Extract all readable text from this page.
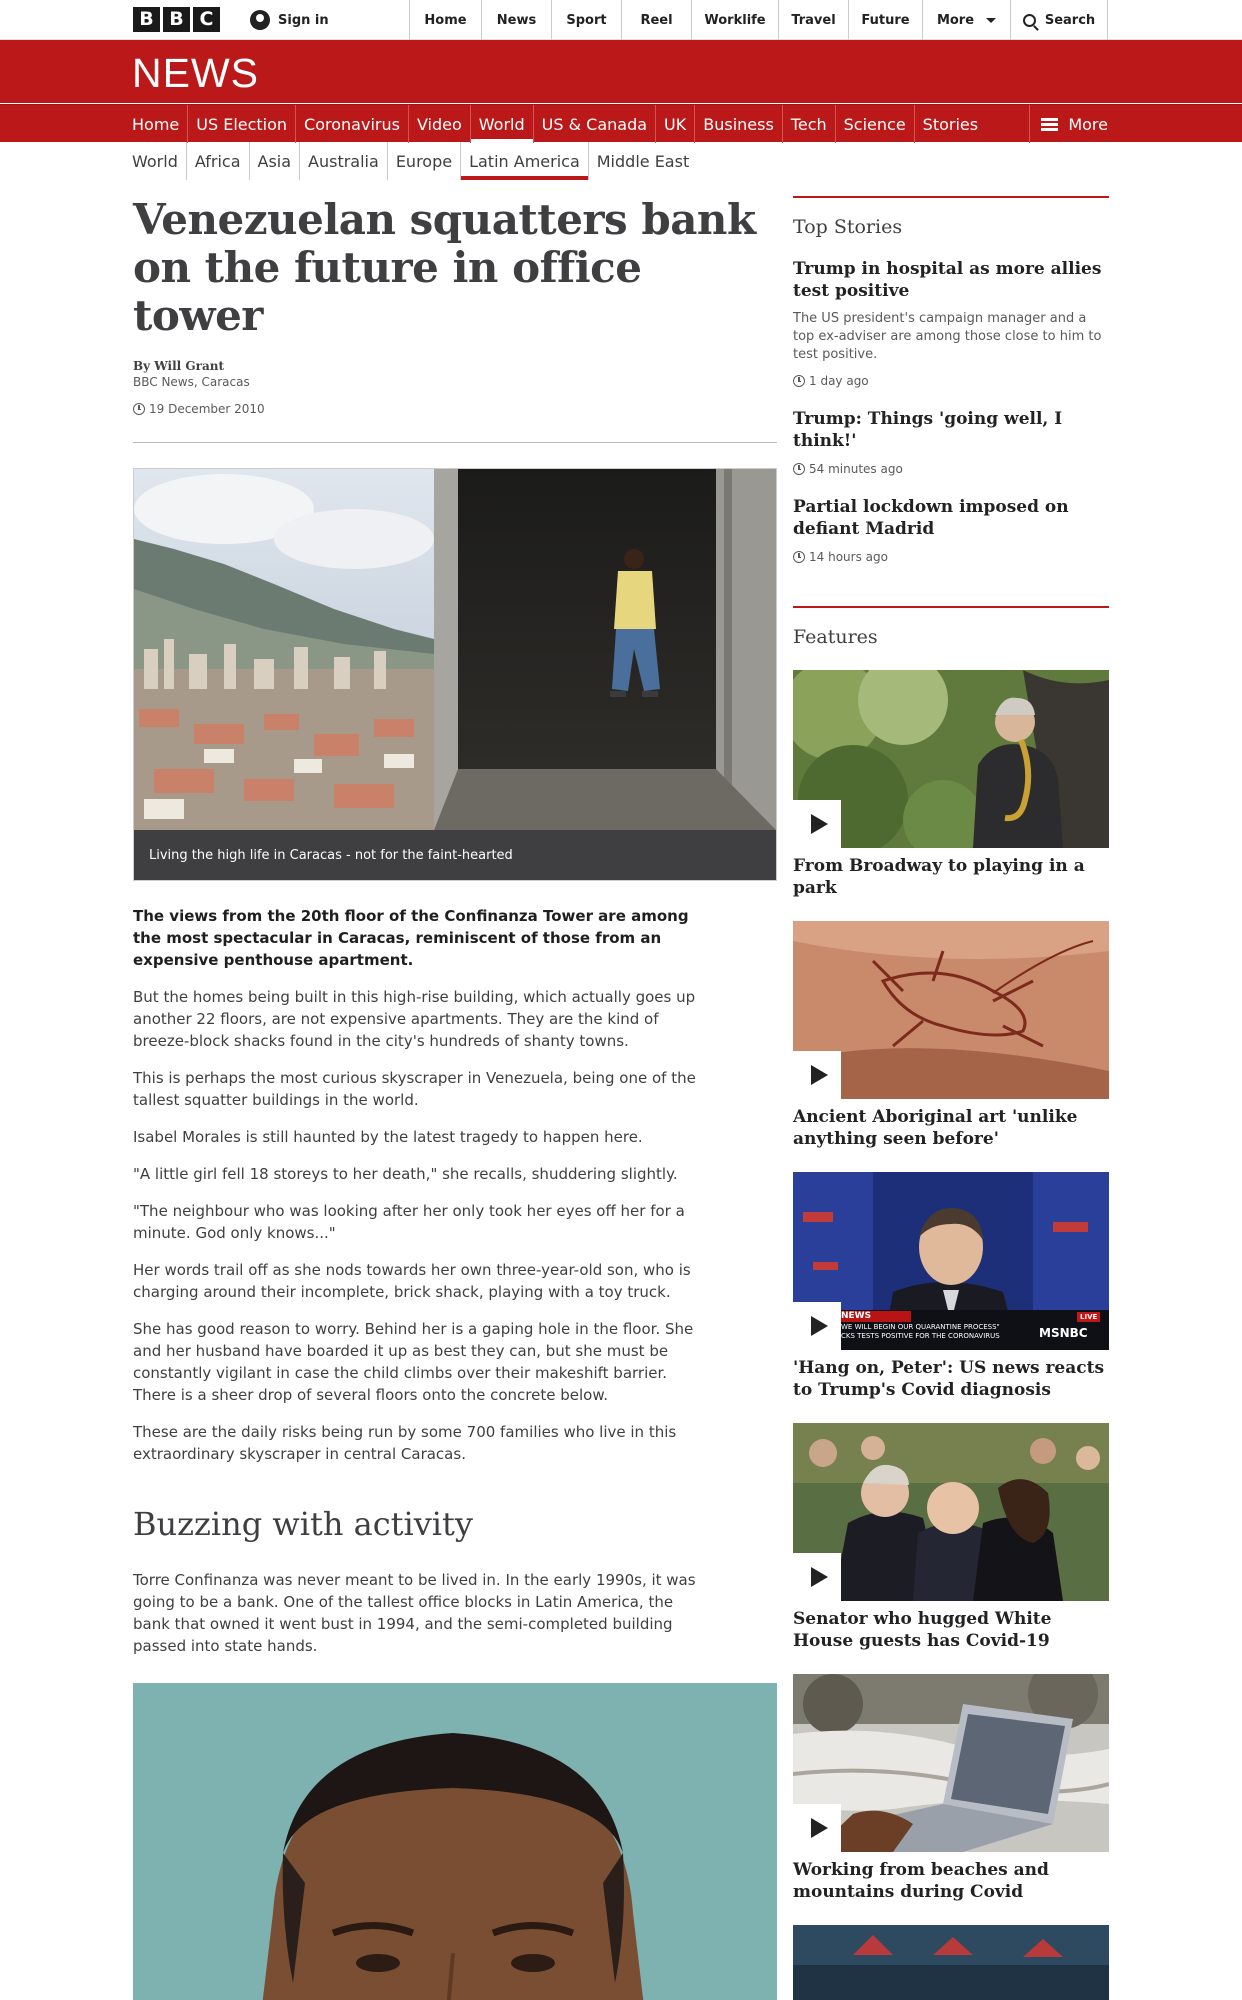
B B C	Sign in	Home	News	Sport	Reel	Worklife	Travel	Future	More	Search
NEWS
Home	US Election	Coronavirus	Video	World	US & Canada	UK	Business	Tech	Science	Stories	More
World	Africa	Asia	Australia	Europe	Latin America	Middle East
Venezuelan squatters bank on the future in office tower
By Will Grant
BBC News, Caracas
19 December 2010
Living the high life in Caracas - not for the faint-hearted

The views from the 20th floor of the Confinanza Tower are among the most spectacular in Caracas, reminiscent of those from an expensive penthouse apartment.

But the homes being built in this high-rise building, which actually goes up another 22 floors, are not expensive apartments. They are the kind of breeze-block shacks found in the city's hundreds of shanty towns.

This is perhaps the most curious skyscraper in Venezuela, being one of the tallest squatter buildings in the world.

Isabel Morales is still haunted by the latest tragedy to happen here.

"A little girl fell 18 storeys to her death," she recalls, shuddering slightly.

"The neighbour who was looking after her only took her eyes off her for a minute. God only knows..."

Her words trail off as she nods towards her own three-year-old son, who is charging around their incomplete, brick shack, playing with a toy truck.

She has good reason to worry. Behind her is a gaping hole in the floor. She and her husband have boarded it up as best they can, but she must be constantly vigilant in case the child climbs over their makeshift barrier. There is a sheer drop of several floors onto the concrete below.

These are the daily risks being run by some 700 families who live in this extraordinary skyscraper in central Caracas.

Buzzing with activity

Torre Confinanza was never meant to be lived in. In the early 1990s, it was going to be a bank. One of the tallest office blocks in Latin America, the bank that owned it went bust in 1994, and the semi-completed building passed into state hands.

Top Stories
Trump in hospital as more allies test positive

The US president's campaign manager and a top ex-adviser are among those close to him to test positive.

1 day ago
Trump: Things 'going well, I think!'
54 minutes ago
Partial lockdown imposed on defiant Madrid
14 hours ago
Features
From Broadway to playing in a park
Ancient Aboriginal art 'unlike anything seen before'
NEWS
WE WILL BEGIN OUR QUARANTINE PROCESS"
CKS TESTS POSITIVE FOR THE CORONAVIRUS
LIVE
MSNBC
'Hang on, Peter': US news reacts to Trump's Covid diagnosis
Senator who hugged White House guests has Covid-19
Working from beaches and mountains during Covid
